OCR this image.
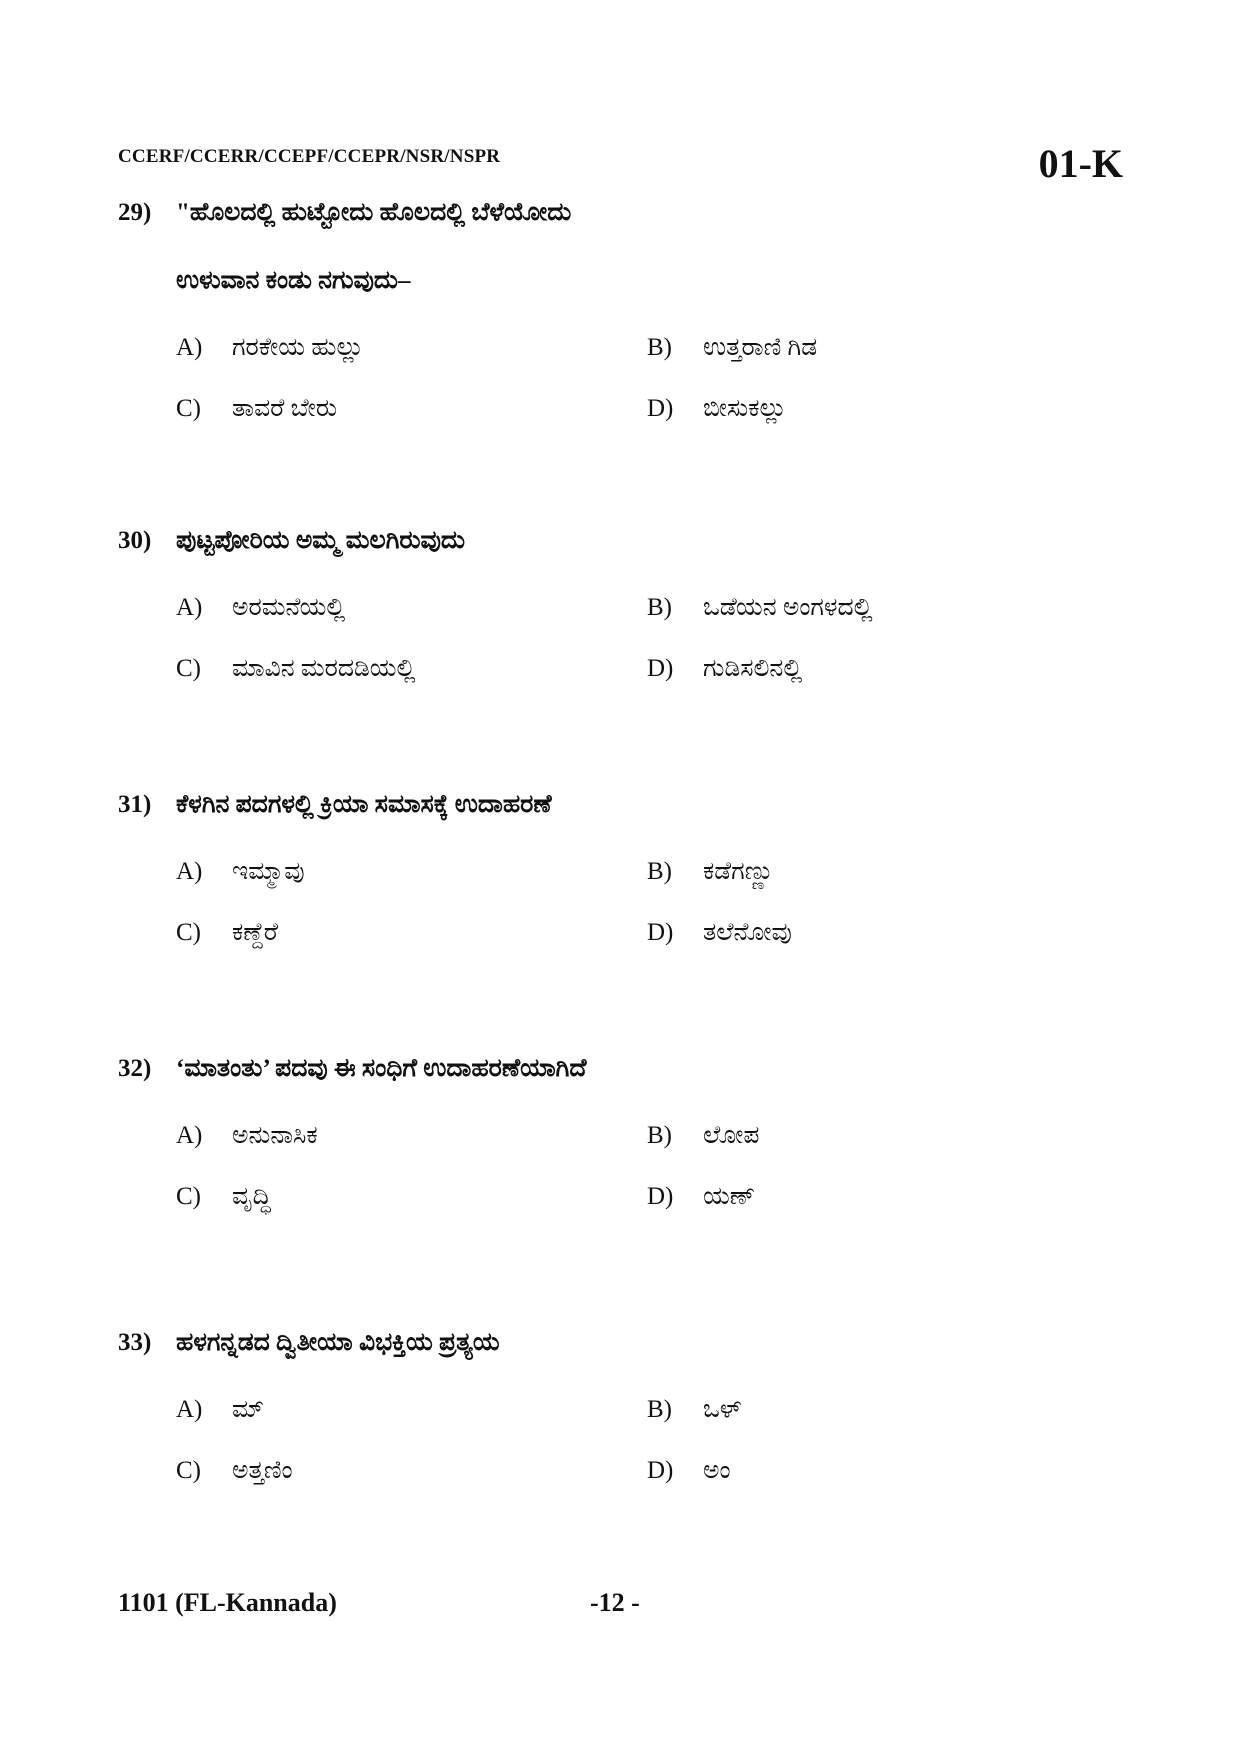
CCERF/CCERR/CCEPF/CCEPR/NSR/NSPR	01-K
29) "ಹೊಲದಲ್ಲಿ ಹುಟ್ಟೋದು ಹೊಲದಲ್ಲಿ ಬೆಳೆಯೋದು
ಉಳುವಾನ ಕಂಡು ನಗುವುದು–
A)	ಗರಕೇಯ ಹುಲ್ಲು	B)	ಉತ್ತರಾಣಿ ಗಿಡ
C)	ತಾವರೆ ಬೇರು	D)	ಬೀಸುಕಲ್ಲು
30) ಪುಟ್ಟಪೋರಿಯ ಅಮ್ಮ ಮಲಗಿರುವುದು
A)	ಅರಮನೆಯಲ್ಲಿ	B)	ಒಡೆಯನ ಅಂಗಳದಲ್ಲಿ
C)	ಮಾವಿನ ಮರದಡಿಯಲ್ಲಿ	D)	ಗುಡಿಸಲಿನಲ್ಲಿ
31) ಕೆಳಗಿನ ಪದಗಳಲ್ಲಿ ಕ್ರಿಯಾ ಸಮಾಸಕ್ಕೆ ಉದಾಹರಣೆ
A)	ಇಮ್ಮಾವು	B)	ಕಡೆಗಣ್ಣು
C)	ಕಣ್ದೆರೆ	D)	ತಲೆನೋವು
32) ‘ಮಾತಂತು’ ಪದವು ಈ ಸಂಧಿಗೆ ಉದಾಹರಣೆಯಾಗಿದೆ
A)	ಅನುನಾಸಿಕ	B)	ಲೋಪ
C)	ವೃದ್ಧಿ	D)	ಯಣ್
33) ಹಳಗನ್ನಡದ ದ್ವಿತೀಯಾ ವಿಭಕ್ತಿಯ ಪ್ರತ್ಯಯ
A)	ಮ್	B)	ಒಳ್
C)	ಅತ್ತಣಿಂ	D)	ಅಂ
1101 (FL-Kannada)	-12 -
